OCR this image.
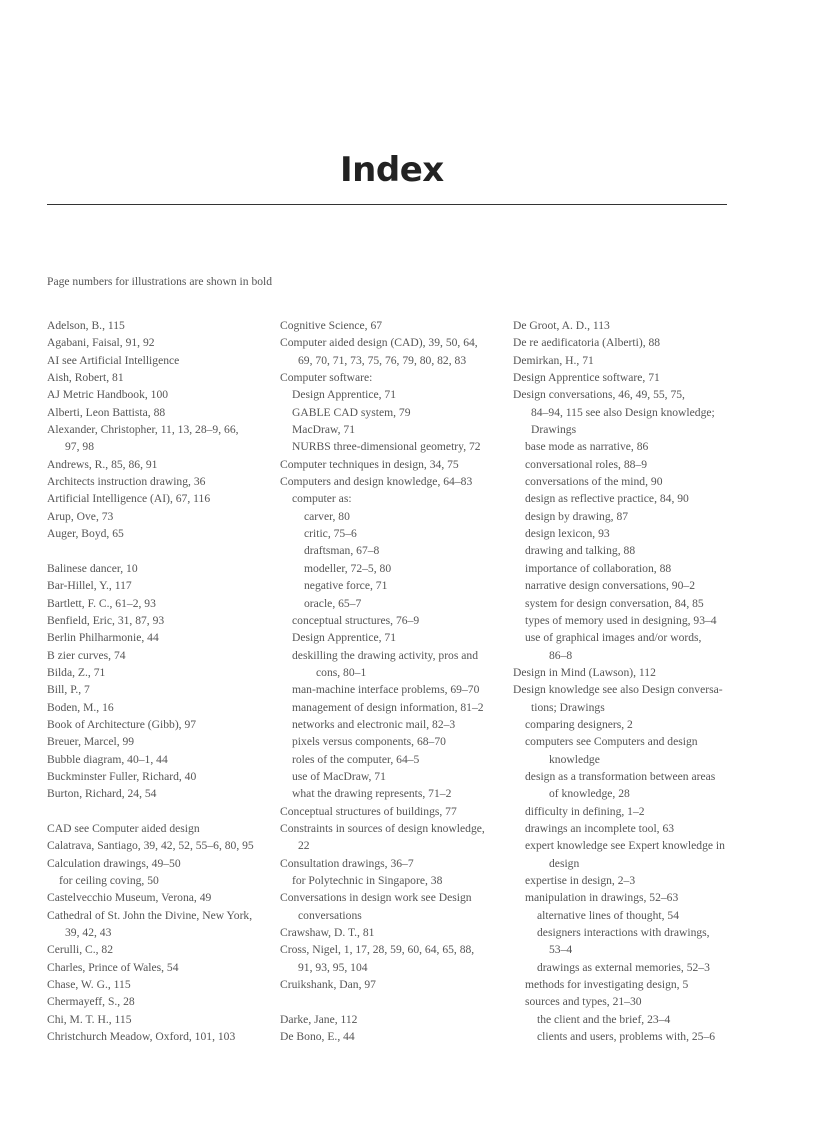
Index
Page numbers for illustrations are shown in bold
Adelson, B., 115
Agabani, Faisal, 91, 92
AI see Artificial Intelligence
Aish, Robert, 81
AJ Metric Handbook, 100
Alberti, Leon Battista, 88
Alexander, Christopher, 11, 13, 28–9, 66,
97, 98
Andrews, R., 85, 86, 91
Architects instruction drawing, 36
Artificial Intelligence (AI), 67, 116
Arup, Ove, 73
Auger, Boyd, 65
Balinese dancer, 10
Bar-Hillel, Y., 117
Bartlett, F. C., 61–2, 93
Benfield, Eric, 31, 87, 93
Berlin Philharmonie, 44
B zier curves, 74
Bilda, Z., 71
Bill, P., 7
Boden, M., 16
Book of Architecture (Gibb), 97
Breuer, Marcel, 99
Bubble diagram, 40–1, 44
Buckminster Fuller, Richard, 40
Burton, Richard, 24, 54
CAD see Computer aided design
Calatrava, Santiago, 39, 42, 52, 55–6, 80, 95
Calculation drawings, 49–50
for ceiling coving, 50
Castelvecchio Museum, Verona, 49
Cathedral of St. John the Divine, New York,
39, 42, 43
Cerulli, C., 82
Charles, Prince of Wales, 54
Chase, W. G., 115
Chermayeff, S., 28
Chi, M. T. H., 115
Christchurch Meadow, Oxford, 101, 103
Cognitive Science, 67
Computer aided design (CAD), 39, 50, 64,
69, 70, 71, 73, 75, 76, 79, 80, 82, 83
Computer software:
Design Apprentice, 71
GABLE CAD system, 79
MacDraw, 71
NURBS three-dimensional geometry, 72
Computer techniques in design, 34, 75
Computers and design knowledge, 64–83
computer as:
carver, 80
critic, 75–6
draftsman, 67–8
modeller, 72–5, 80
negative force, 71
oracle, 65–7
conceptual structures, 76–9
Design Apprentice, 71
deskilling the drawing activity, pros and
cons, 80–1
man-machine interface problems, 69–70
management of design information, 81–2
networks and electronic mail, 82–3
pixels versus components, 68–70
roles of the computer, 64–5
use of MacDraw, 71
what the drawing represents, 71–2
Conceptual structures of buildings, 77
Constraints in sources of design knowledge,
22
Consultation drawings, 36–7
for Polytechnic in Singapore, 38
Conversations in design work see Design
conversations
Crawshaw, D. T., 81
Cross, Nigel, 1, 17, 28, 59, 60, 64, 65, 88,
91, 93, 95, 104
Cruikshank, Dan, 97
Darke, Jane, 112
De Bono, E., 44
De Groot, A. D., 113
De re aedificatoria (Alberti), 88
Demirkan, H., 71
Design Apprentice software, 71
Design conversations, 46, 49, 55, 75,
84–94, 115 see also Design knowledge;
Drawings
base mode as narrative, 86
conversational roles, 88–9
conversations of the mind, 90
design as reflective practice, 84, 90
design by drawing, 87
design lexicon, 93
drawing and talking, 88
importance of collaboration, 88
narrative design conversations, 90–2
system for design conversation, 84, 85
types of memory used in designing, 93–4
use of graphical images and/or words,
86–8
Design in Mind (Lawson), 112
Design knowledge see also Design conversa-
tions; Drawings
comparing designers, 2
computers see Computers and design
knowledge
design as a transformation between areas
of knowledge, 28
difficulty in defining, 1–2
drawings an incomplete tool, 63
expert knowledge see Expert knowledge in
design
expertise in design, 2–3
manipulation in drawings, 52–63
alternative lines of thought, 54
designers interactions with drawings,
53–4
drawings as external memories, 52–3
methods for investigating design, 5
sources and types, 21–30
the client and the brief, 23–4
clients and users, problems with, 25–6
